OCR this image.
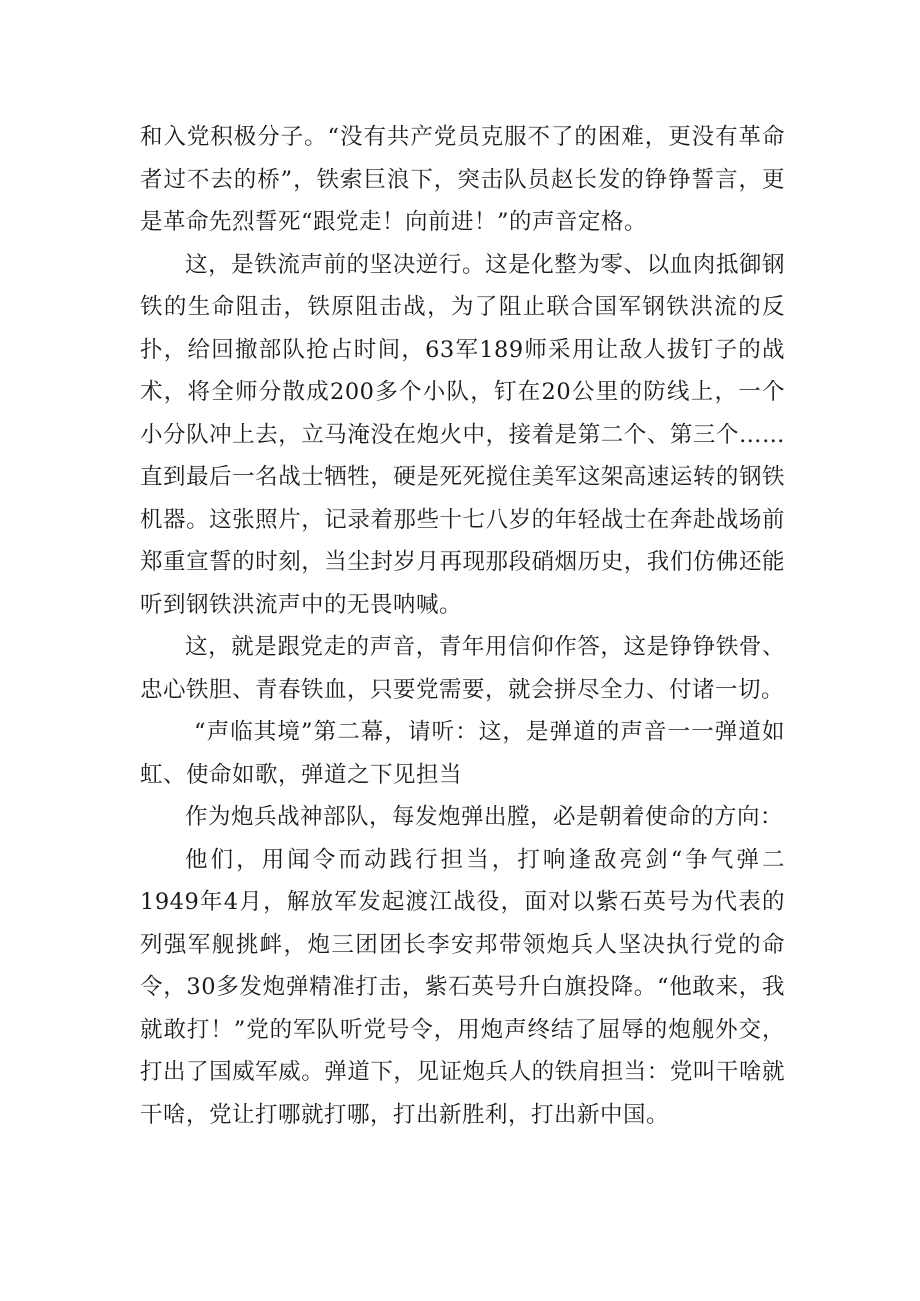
和入党积极分子。“没有共产党员克服不了的困难，更没有革命者过不去的桥”，铁索巨浪下，突击队员赵长发的铮铮誓言，更是革命先烈誓死“跟党走！向前进！”的声音定格。

这，是铁流声前的坚决逆行。这是化整为零、以血肉抵御钢铁的生命阻击，铁原阻击战，为了阻止联合国军钢铁洪流的反扑，给回撤部队抢占时间，63军189师采用让敌人拔钉子的战术，将全师分散成200多个小队，钉在20公里的防线上，一个小分队冲上去，立马淹没在炮火中，接着是第二个、第三个……直到最后一名战士牺牲，硬是死死搅住美军这架高速运转的钢铁机器。这张照片，记录着那些十七八岁的年轻战士在奔赴战场前郑重宣誓的时刻，当尘封岁月再现那段硝烟历史，我们仿佛还能听到钢铁洪流声中的无畏呐喊。

这，就是跟党走的声音，青年用信仰作答，这是铮铮铁骨、忠心铁胆、青春铁血，只要党需要，就会拼尽全力、付诸一切。

“声临其境”第二幕，请听：这，是弹道的声音一一弹道如虹、使命如歌，弹道之下见担当

作为炮兵战神部队，每发炮弹出膛，必是朝着使命的方向：

他们，用闻令而动践行担当，打响逢敌亮剑“争气弹二1949年4月，解放军发起渡江战役，面对以紫石英号为代表的列强军舰挑衅，炮三团团长李安邦带领炮兵人坚决执行党的命令，30多发炮弹精准打击，紫石英号升白旗投降。“他敢来，我就敢打！”党的军队听党号令，用炮声终结了屈辱的炮舰外交，打出了国威军威。弹道下，见证炮兵人的铁肩担当：党叫干啥就干啥，党让打哪就打哪，打出新胜利，打出新中国。
